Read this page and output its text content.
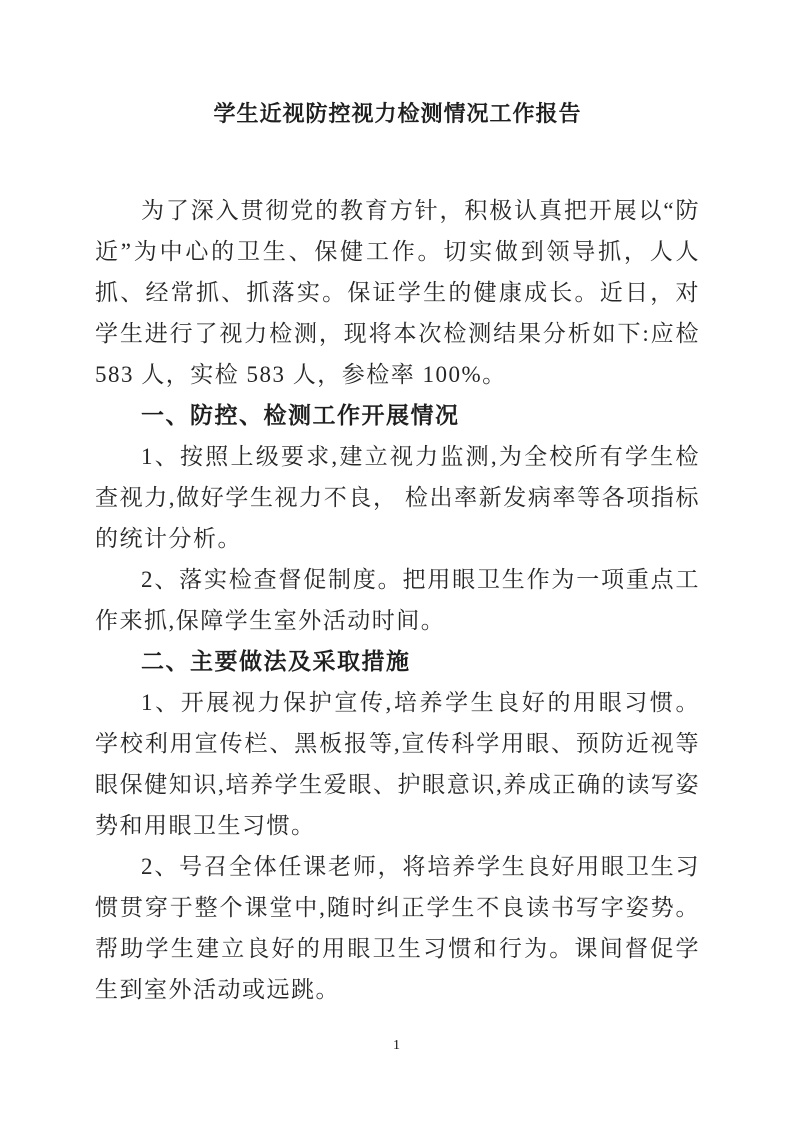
学生近视防控视力检测情况工作报告

为了深入贯彻党的教育方针，积极认真把开展以“防近”为中心的卫生、保健工作。切实做到领导抓，人人抓、经常抓、抓落实。保证学生的健康成长。近日，对学生进行了视力检测，现将本次检测结果分析如下:应检 583 人，实检 583 人，参检率 100%。

一、防控、检测工作开展情况

1、按照上级要求,建立视力监测,为全校所有学生检查视力,做好学生视力不良， 检出率新发病率等各项指标的统计分析。

2、落实检查督促制度。把用眼卫生作为一项重点工作来抓,保障学生室外活动时间。

二、主要做法及采取措施

1、开展视力保护宣传,培养学生良好的用眼习惯。学校利用宣传栏、黑板报等,宣传科学用眼、预防近视等眼保健知识,培养学生爱眼、护眼意识,养成正确的读写姿势和用眼卫生习惯。

2、号召全体任课老师，将培养学生良好用眼卫生习惯贯穿于整个课堂中,随时纠正学生不良读书写字姿势。帮助学生建立良好的用眼卫生习惯和行为。课间督促学生到室外活动或远跳。

1
